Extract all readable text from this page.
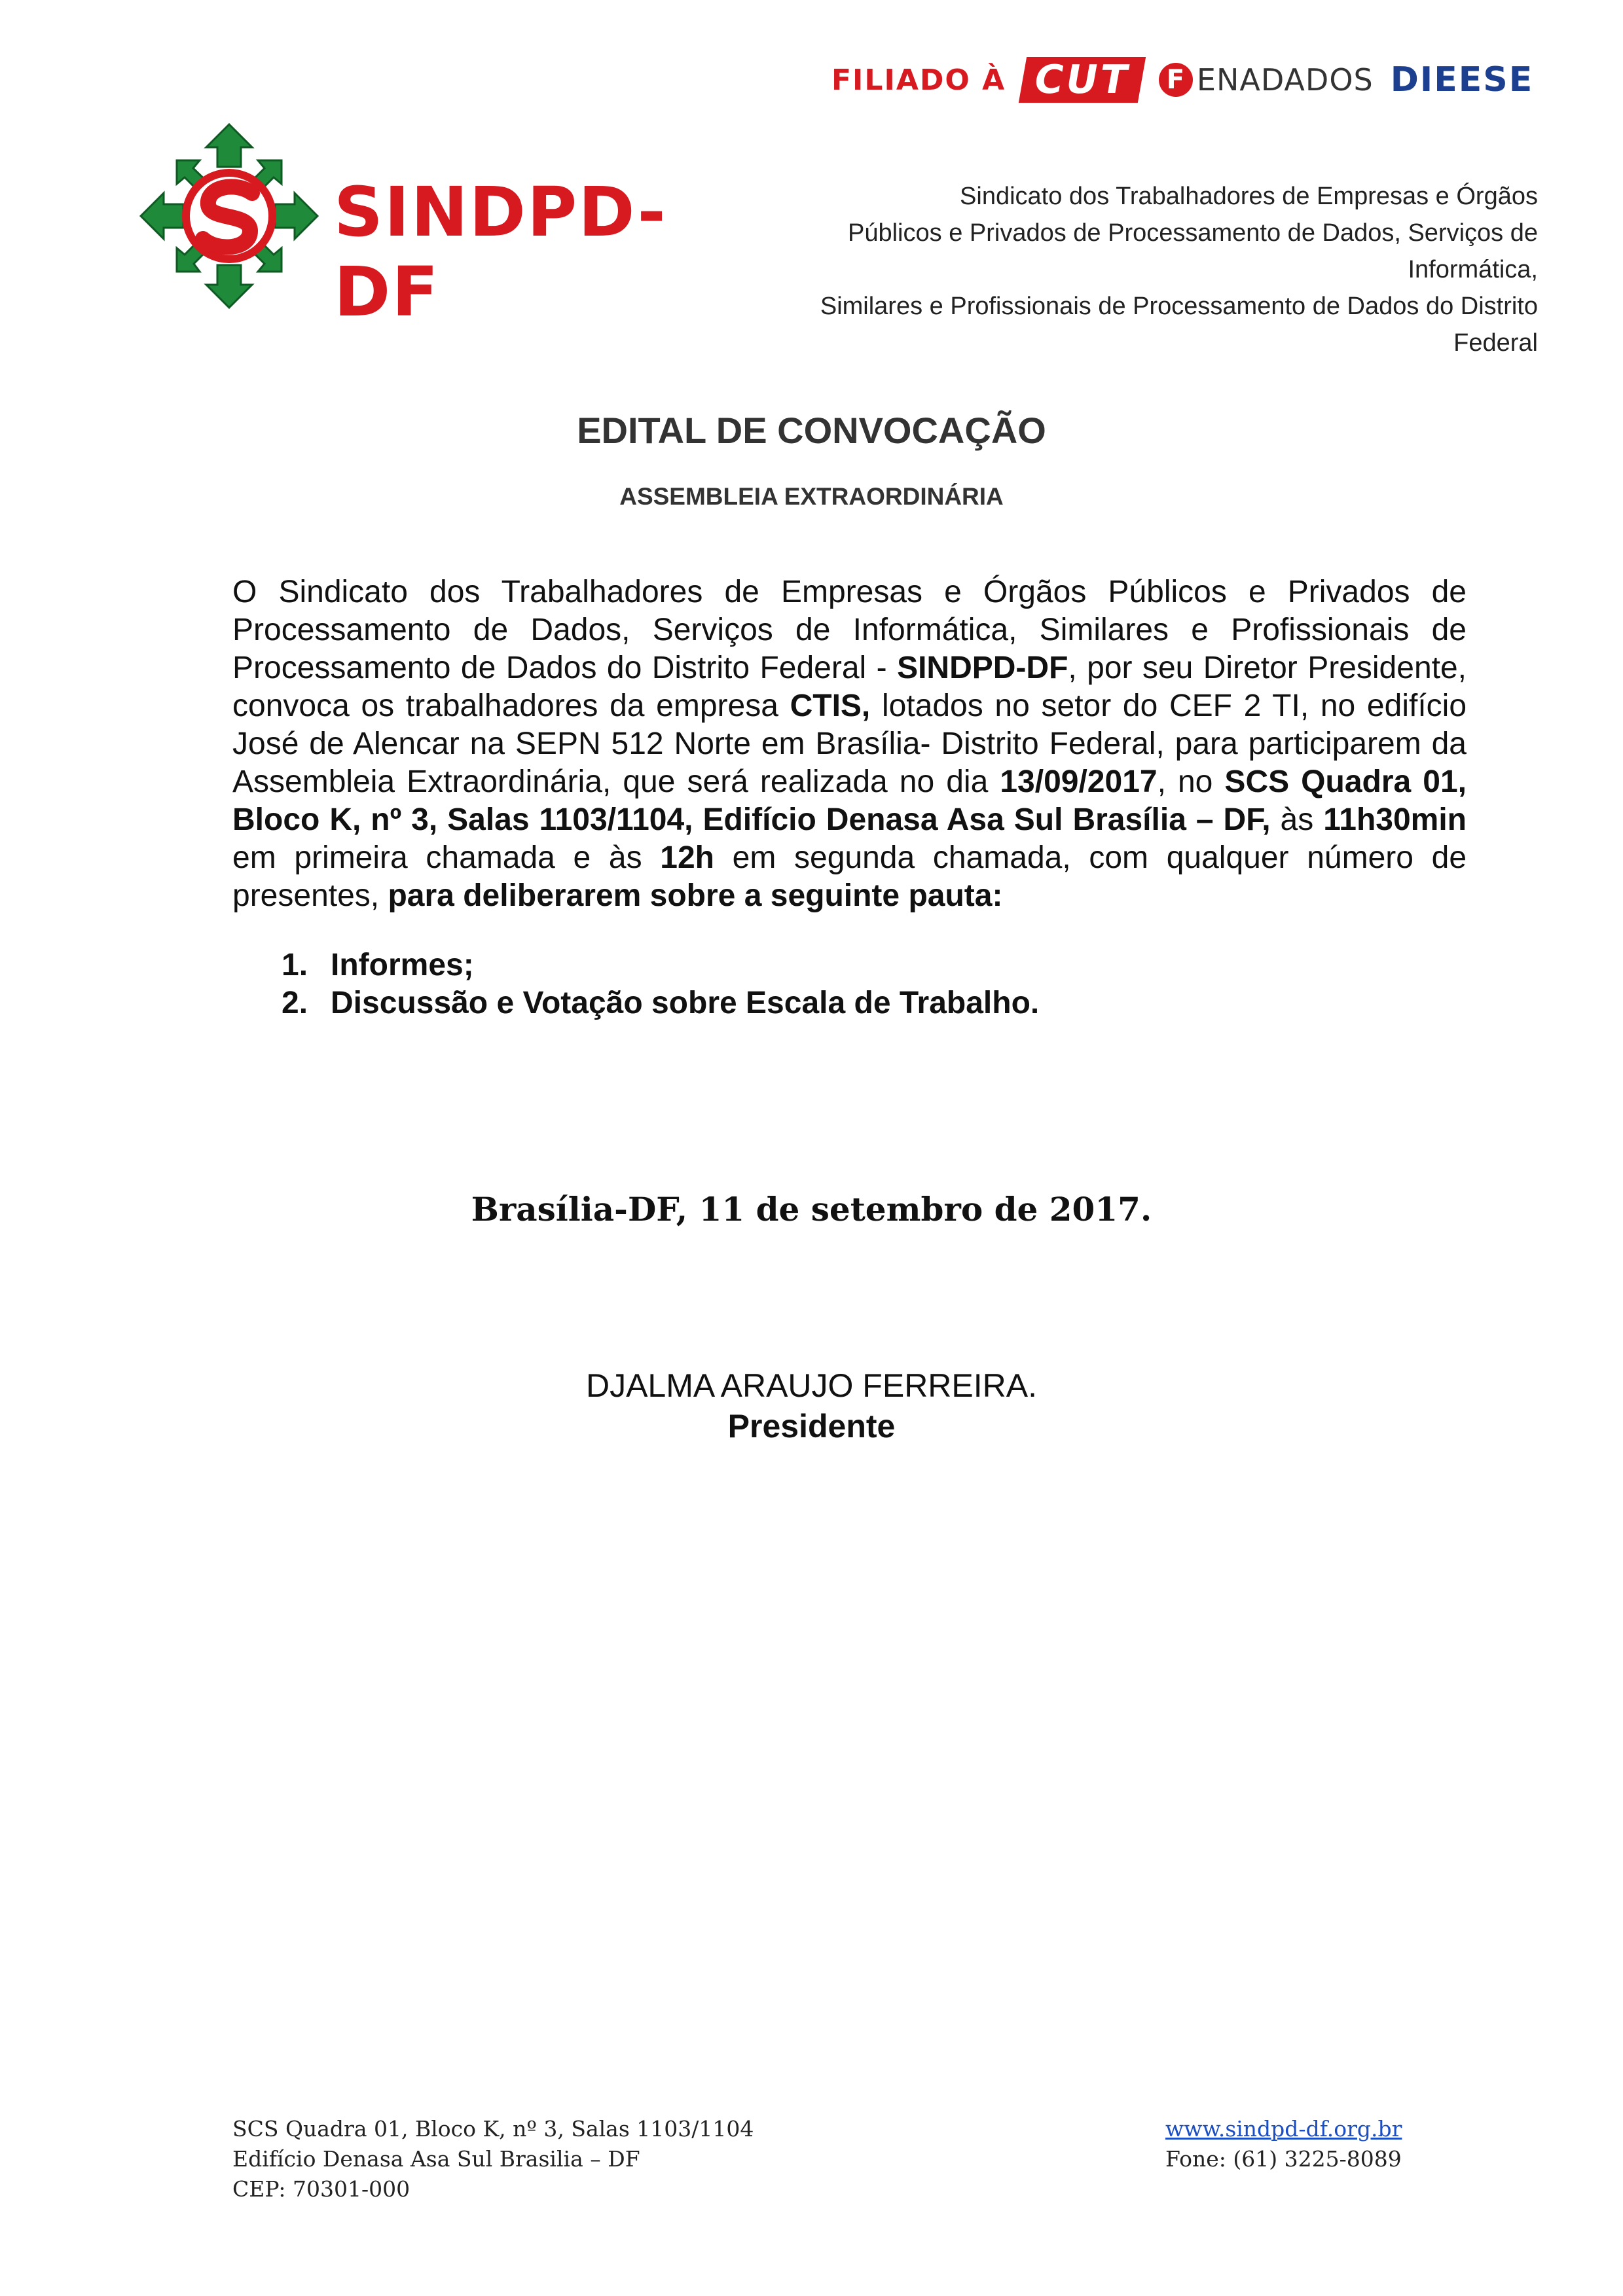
FILIADO À CUT	F ENADADOS DIEESE
SINDPD-DF
Sindicato dos Trabalhadores de Empresas e Órgãos
Públicos e Privados de Processamento de Dados, Serviços de Informática,
Similares e Profissionais de Processamento de Dados do Distrito Federal
EDITAL DE CONVOCAÇÃO
ASSEMBLEIA EXTRAORDINÁRIA
O Sindicato dos Trabalhadores de Empresas e Órgãos Públicos e Privados de Processamento de Dados, Serviços de Informática, Similares e Profissionais de Processamento de Dados do Distrito Federal - SINDPD-DF, por seu Diretor Presidente, convoca os trabalhadores da empresa CTIS, lotados no setor do CEF 2 TI, no edifício José de Alencar na SEPN 512 Norte em Brasília- Distrito Federal, para participarem da Assembleia Extraordinária, que será realizada no dia 13/09/2017, no SCS Quadra 01, Bloco K, nº 3, Salas 1103/1104, Edifício Denasa Asa Sul Brasília – DF, às 11h30min em primeira chamada e às 12h em segunda chamada, com qualquer número de presentes, para deliberarem sobre a seguinte pauta:
1. Informes;
2. Discussão e Votação sobre Escala de Trabalho.
Brasília-DF, 11 de setembro de 2017.
DJALMA ARAUJO FERREIRA.
Presidente
SCS Quadra 01, Bloco K, nº 3, Salas 1103/1104
Edifício Denasa Asa Sul Brasilia – DF
CEP: 70301-000
www.sindpd-df.org.br
Fone: (61) 3225-8089
